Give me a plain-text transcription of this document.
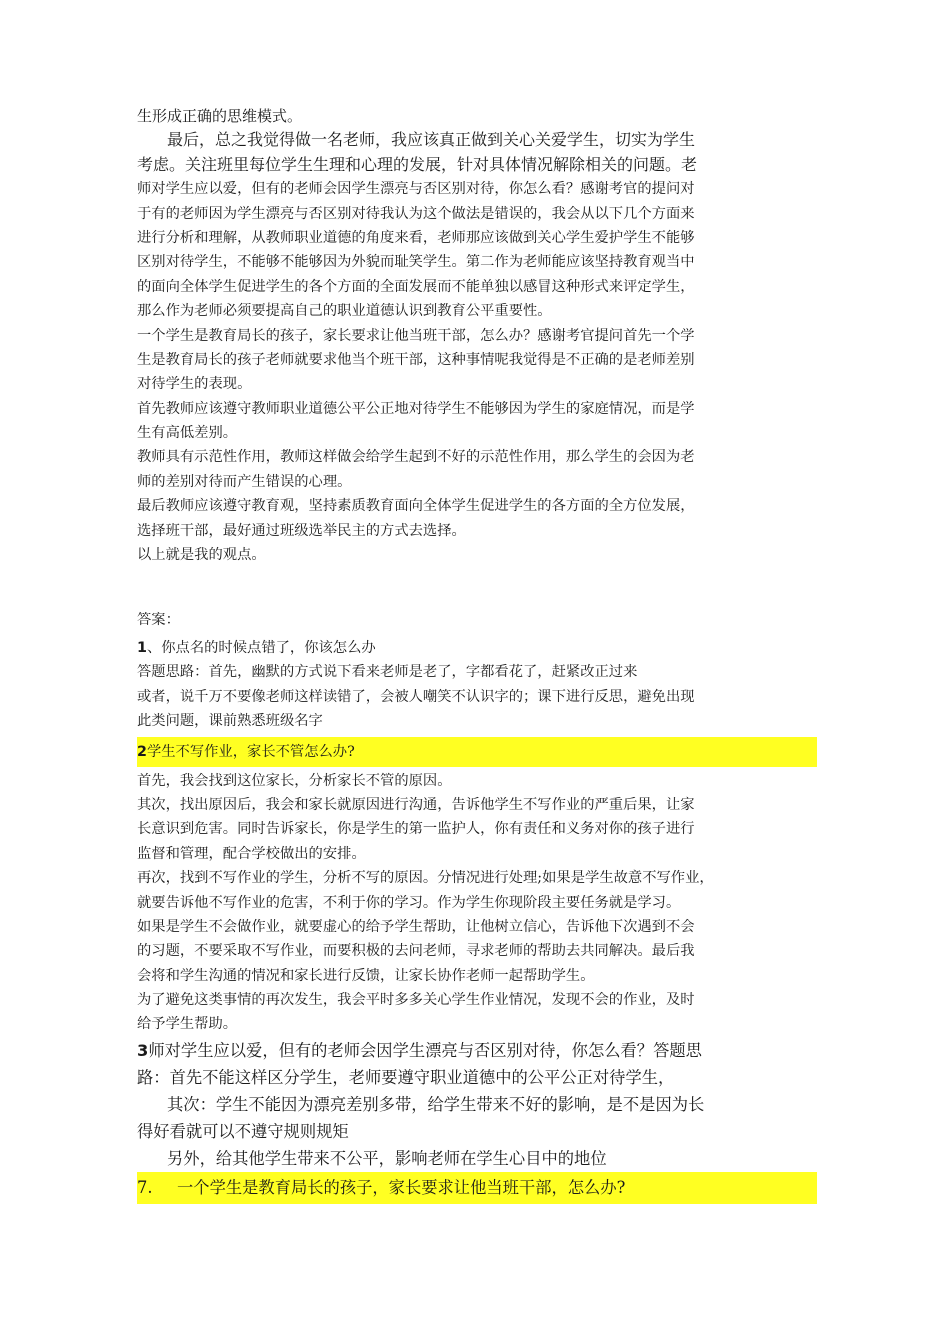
生形成正确的思维模式。
最后，总之我觉得做一名老师，我应该真正做到关心关爱学生，切实为学生
考虑。关注班里每位学生生理和心理的发展，针对具体情况解除相关的问题。老
师对学生应以爱，但有的老师会因学生漂亮与否区别对待，你怎么看？感谢考官的提问对
于有的老师因为学生漂亮与否区别对待我认为这个做法是错误的，我会从以下几个方面来
进行分析和理解，从教师职业道德的角度来看，老师那应该做到关心学生爱护学生不能够
区别对待学生，不能够不能够因为外貌而耻笑学生。第二作为老师能应该坚持教育观当中
的面向全体学生促进学生的各个方面的全面发展而不能单独以感冒这种形式来评定学生，
那么作为老师必须要提高自己的职业道德认识到教育公平重要性。
一个学生是教育局长的孩子，家长要求让他当班干部，怎么办？感谢考官提问首先一个学
生是教育局长的孩子老师就要求他当个班干部，这种事情呢我觉得是不正确的是老师差别
对待学生的表现。
首先教师应该遵守教师职业道德公平公正地对待学生不能够因为学生的家庭情况，而是学
生有高低差别。
教师具有示范性作用，教师这样做会给学生起到不好的示范性作用，那么学生的会因为老
师的差别对待而产生错误的心理。
最后教师应该遵守教育观，坚持素质教育面向全体学生促进学生的各方面的全方位发展，
选择班干部，最好通过班级选举民主的方式去选择。
以上就是我的观点。
答案：
1、你点名的时候点错了，你该怎么办
答题思路：首先，幽默的方式说下看来老师是老了，字都看花了，赶紧改正过来
或者，说千万不要像老师这样读错了，会被人嘲笑不认识字的；课下进行反思，避免出现
此类问题，课前熟悉班级名字
2学生不写作业，家长不管怎么办?
首先，我会找到这位家长，分析家长不管的原因。
其次，找出原因后，我会和家长就原因进行沟通，告诉他学生不写作业的严重后果，让家
长意识到危害。同时告诉家长，你是学生的第一监护人，你有责任和义务对你的孩子进行
监督和管理，配合学校做出的安排。
再次，找到不写作业的学生，分析不写的原因。分情况进行处理;如果是学生故意不写作业，
就要告诉他不写作业的危害，不利于你的学习。作为学生你现阶段主要任务就是学习。
如果是学生不会做作业，就要虚心的给予学生帮助，让他树立信心，告诉他下次遇到不会
的习题，不要采取不写作业，而要积极的去问老师，寻求老师的帮助去共同解决。最后我
会将和学生沟通的情况和家长进行反馈，让家长协作老师一起帮助学生。
为了避免这类事情的再次发生，我会平时多多关心学生作业情况，发现不会的作业，及时
给予学生帮助。
3师对学生应以爱，但有的老师会因学生漂亮与否区别对待，你怎么看？答题思
路：首先不能这样区分学生，老师要遵守职业道德中的公平公正对待学生，
其次：学生不能因为漂亮差别多带，给学生带来不好的影响，是不是因为长
得好看就可以不遵守规则规矩
另外，给其他学生带来不公平，影响老师在学生心目中的地位
7. 一个学生是教育局长的孩子，家长要求让他当班干部，怎么办?
